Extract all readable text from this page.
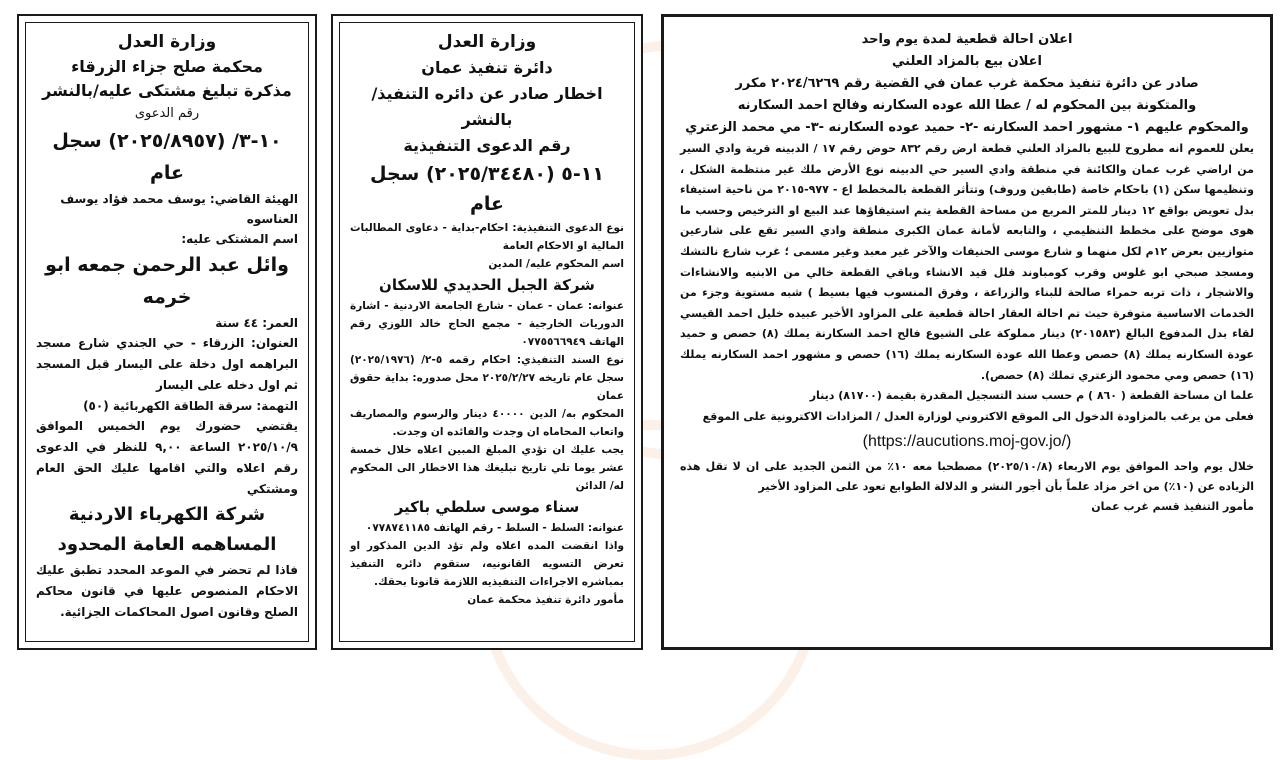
وزارة العدل

محكمة صلح جزاء الزرقاء

مذكرة تبليغ مشتكى عليه/بالنشر

رقم الدعوى

١٠-٣/ (٢٠٢٥/٨٩٥٧) سجل عام

الهيئة القاضي: يوسف محمد فؤاد يوسف العناسوه

اسم المشتكى عليه:

وائل عبد الرحمن جمعه ابو خرمه

العمر: ٤٤ سنة

العنوان: الزرقاء - حي الجندي شارع مسجد البراهمه اول دخلة على اليسار قبل المسجد ثم اول دخله على اليسار

التهمة: سرقة الطاقة الكهربائية (٥٠)

يقتضي حضورك يوم الخميس الموافق ٢٠٢٥/١٠/٩ الساعة ٩,٠٠ للنظر في الدعوى رقم اعلاه والتي اقامها عليك الحق العام ومشتكي

شركة الكهرباء الاردنية

المساهمه العامة المحدود

فاذا لم تحضر في الموعد المحدد تطبق عليك الاحكام المنصوص عليها في قانون محاكم الصلح وقانون اصول المحاكمات الجزائية.

وزارة العدل

دائرة تنفيذ عمان

اخطار صادر عن دائره التنفيذ/ بالنشر

رقم الدعوى التنفيذية

١١-٥ (٢٠٢٥/٣٤٤٨٠) سجل عام

نوع الدعوى التنفيذية: احكام-بداية - دعاوى المطالبات المالية او الاحكام العامة

اسم المحكوم عليه/ المدين

شركة الجبل الحديدي للاسكان

عنوانه: عمان - عمان - شارع الجامعة الاردنية - اشارة الدوريات الخارجية - مجمع الحاج خالد اللوزي رقم الهاتف ٠٧٧٥٥٦٦٩٤٩

نوع السند التنفيذي: احكام رقمه ٥-٢/ (٢٠٢٥/١٩٧٦) سجل عام تاريخه ٢٠٢٥/٢/٢٧ محل صدوره: بداية حقوق عمان

المحكوم به/ الدين ٤٠٠٠٠ دينار والرسوم والمصاريف واتعاب المحاماه ان وجدت والفائده ان وجدت.

يجب عليك ان تؤدي المبلغ المبين اعلاه خلال خمسة عشر يوما تلي تاريخ تبليغك هذا الاخطار الى المحكوم له/ الدائن

سناء موسى سلطي باكير

عنوانه: السلط - السلط - رقم الهاتف ٠٧٧٨٧٤١١٨٥

واذا انقضت المده اعلاه ولم تؤد الدين المذكور او تعرض التسويه القانونيه، ستقوم دائره التنفيذ بمباشره الاجراءات التنفيذيه اللازمة قانونا بحقك.

مأمور دائرة تنفيذ محكمة عمان

اعلان احالة قطعية لمدة يوم واحد

اعلان بيع بالمزاد العلني

صادر عن دائرة تنفيذ محكمة غرب عمان في القضية رقم ٢٠٢٤/٦٢٦٩ مكرر

والمتكونة بين المحكوم له / عطا الله عوده السكارنه وفالح احمد السكارنه

والمحكوم عليهم ١- مشهور احمد السكارنه -٢- حميد عوده السكارنه -٣- مي محمد الزعتري

يعلن للعموم انه مطروح للبيع بالمزاد العلني قطعة ارض رقم ٨٣٢ حوض رقم ١٧ / الدبينه قرية وادي السير من اراضي غرب عمان والكائنة في منطقة وادي السير حي الدبينه نوع الأرض ملك غير منتظمة الشكل ، وتنظيمها سكن (١) باحكام خاصة (طابقين وروف) وتتأثر القطعة بالمخطط اع - ٩٧٧-٢٠١٥ من ناحية استيفاء بدل تعويض بواقع ١٢ دينار للمتر المربع من مساحة القطعة يتم استيفاؤها عند البيع او الترخيص وحسب ما هوى موضح على مخطط التنظيمي ، والتابعه لأمانة عمان الكبرى منطقة وادي السير تقع على شارعين متوازيين بعرض ١٢م لكل منهما و شارع موسى الحنيفات والآخر غير معبد وغير مسمى ؛ غرب شارع نالتشك ومسجد صبحي ابو غلوس وقرب كومباوند فلل قيد الانشاء وباقي القطعة خالي من الابنيه والانشاءات والاشجار ، ذات تربه حمراء صالحة للبناء والزراعة ، وفرق المنسوب فيها بسيط ) شبه مستوية وجزء من الخدمات الاساسية متوفرة حيث تم احالة العقار احالة قطعية على المزاود الأخير عبيده خليل احمد القيسي لقاء بدل المدفوع البالغ (٢٠١٥٨٣) دينار مملوكة على الشيوع فالح احمد السكارنة يملك (٨) حصص و حميد عودة السكارنه يملك (٨) حصص وعطا الله عودة السكارنه يملك (١٦) حصص و مشهور احمد السكارنه يملك (١٦) حصص ومي محمود الزعتري تملك (٨) حصص).

علما ان مساحة القطعة ( ٨٦٠ ) م حسب سند التسجيل المقدرة بقيمة (٨١٧٠٠) دينار

فعلى من يرغب بالمزاودة الدخول الى الموقع الاكتروني لوزارة العدل / المزادات الاكترونية على الموقع

(https://aucutions.moj-gov.jo/)

خلال يوم واحد الموافق يوم الاربعاء (٢٠٢٥/١٠/٨) مصطحبا معه ١٠٪ من الثمن الجديد على ان لا تقل هذه الزياده عن (١٠٪) من اخر مزاد علماً بأن أجور النشر و الدلالة الطوابع تعود على المزاود الأخير

مأمور التنفيذ قسم غرب عمان
